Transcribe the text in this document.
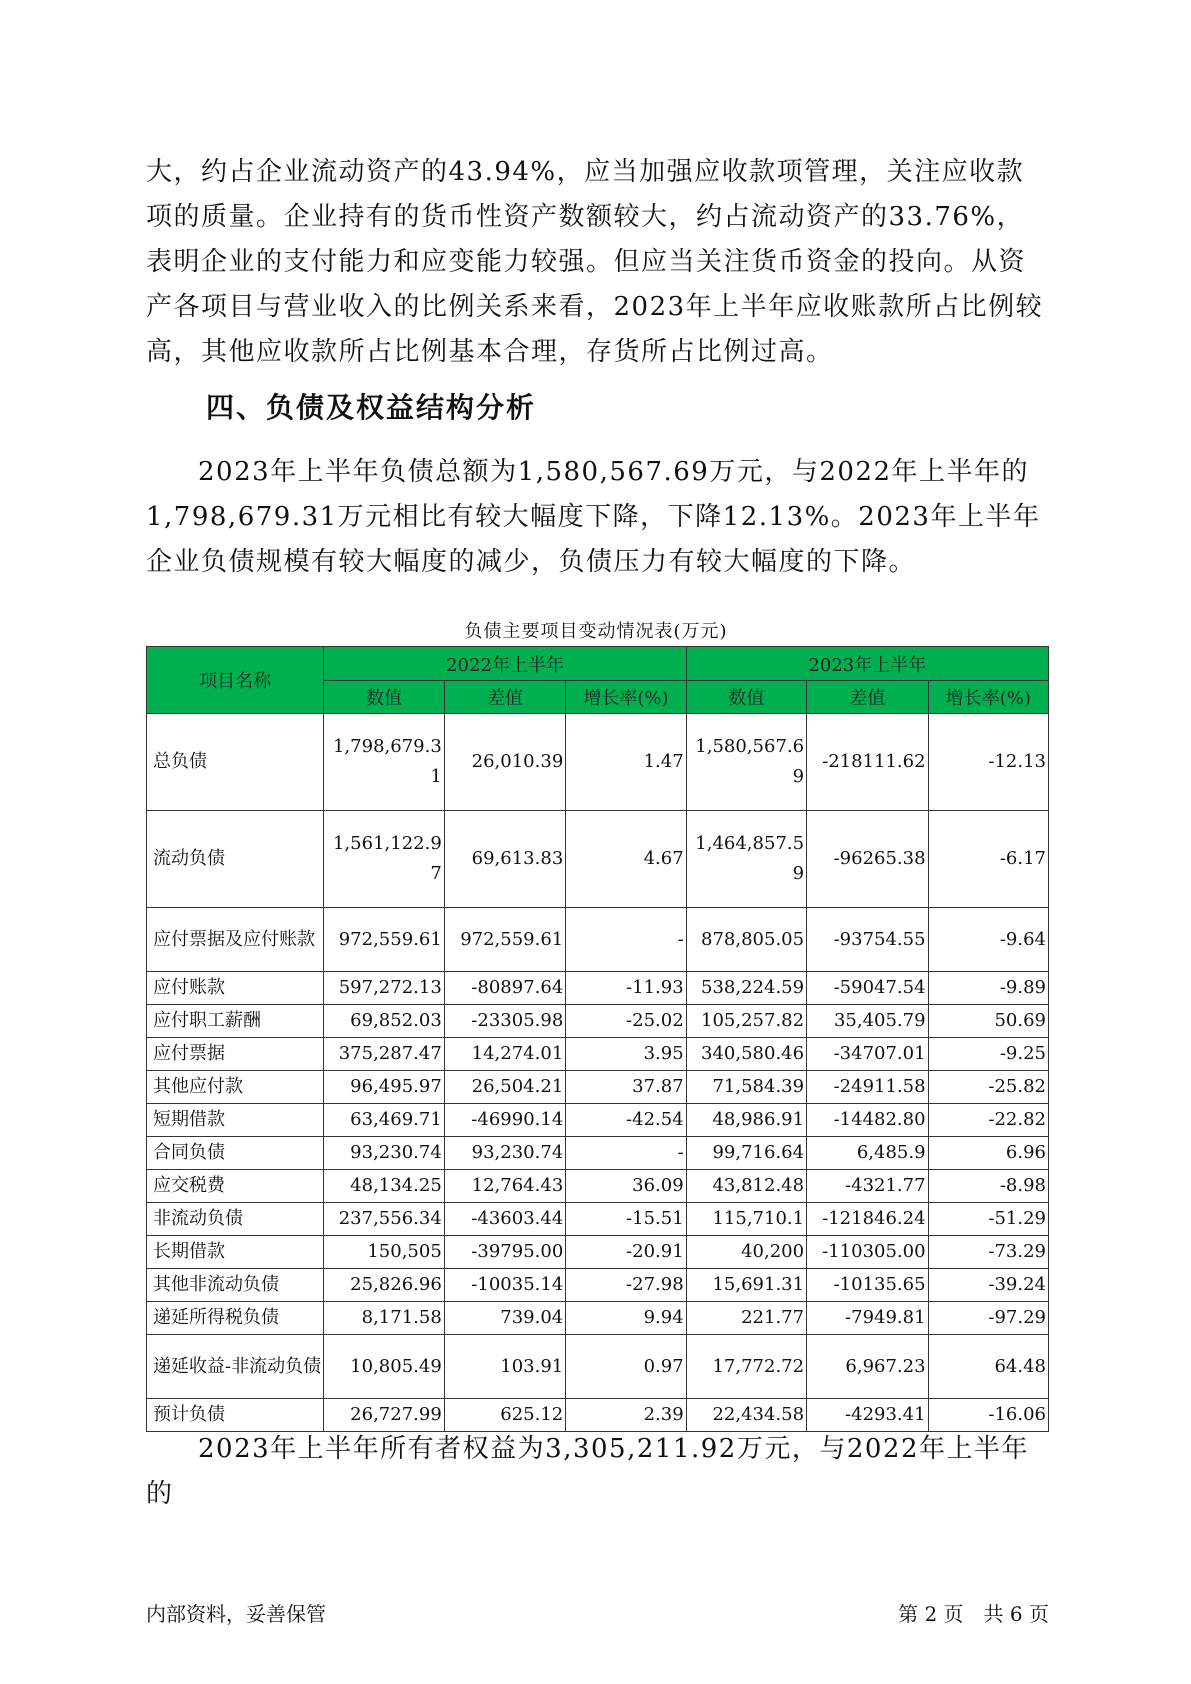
大，约占企业流动资产的43.94%，应当加强应收款项管理，关注应收款项的质量。企业持有的货币性资产数额较大，约占流动资产的33.76%，表明企业的支付能力和应变能力较强。但应当关注货币资金的投向。从资产各项目与营业收入的比例关系来看，2023年上半年应收账款所占比例较高，其他应收款所占比例基本合理，存货所占比例过高。

四、负债及权益结构分析

2023年上半年负债总额为1,580,567.69万元，与2022年上半年的1,798,679.31万元相比有较大幅度下降，下降12.13%。2023年上半年企业负债规模有较大幅度的减少，负债压力有较大幅度的下降。

负债主要项目变动情况表(万元)
项目名称	2022年上半年			2023年上半年		
	数值	差值	增长率(%)	数值	差值	增长率(%)
总负债	1,798,679.31	26,010.39	1.47	1,580,567.69	-218111.62	-12.13
流动负债	1,561,122.97	69,613.83	4.67	1,464,857.59	-96265.38	-6.17
应付票据及应付账款	972,559.61	972,559.61	-	878,805.05	-93754.55	-9.64
应付账款	597,272.13	-80897.64	-11.93	538,224.59	-59047.54	-9.89
应付职工薪酬	69,852.03	-23305.98	-25.02	105,257.82	35,405.79	50.69
应付票据	375,287.47	14,274.01	3.95	340,580.46	-34707.01	-9.25
其他应付款	96,495.97	26,504.21	37.87	71,584.39	-24911.58	-25.82
短期借款	63,469.71	-46990.14	-42.54	48,986.91	-14482.80	-22.82
合同负债	93,230.74	93,230.74	-	99,716.64	6,485.9	6.96
应交税费	48,134.25	12,764.43	36.09	43,812.48	-4321.77	-8.98
非流动负债	237,556.34	-43603.44	-15.51	115,710.1	-121846.24	-51.29
长期借款	150,505	-39795.00	-20.91	40,200	-110305.00	-73.29
其他非流动负债	25,826.96	-10035.14	-27.98	15,691.31	-10135.65	-39.24
递延所得税负债	8,171.58	739.04	9.94	221.77	-7949.81	-97.29
递延收益-非流动负债	10,805.49	103.91	0.97	17,772.72	6,967.23	64.48
预计负债	26,727.99	625.12	2.39	22,434.58	-4293.41	-16.06

2023年上半年所有者权益为3,305,211.92万元，与2022年上半年的

内部资料，妥善保管	第 2 页　共 6 页
